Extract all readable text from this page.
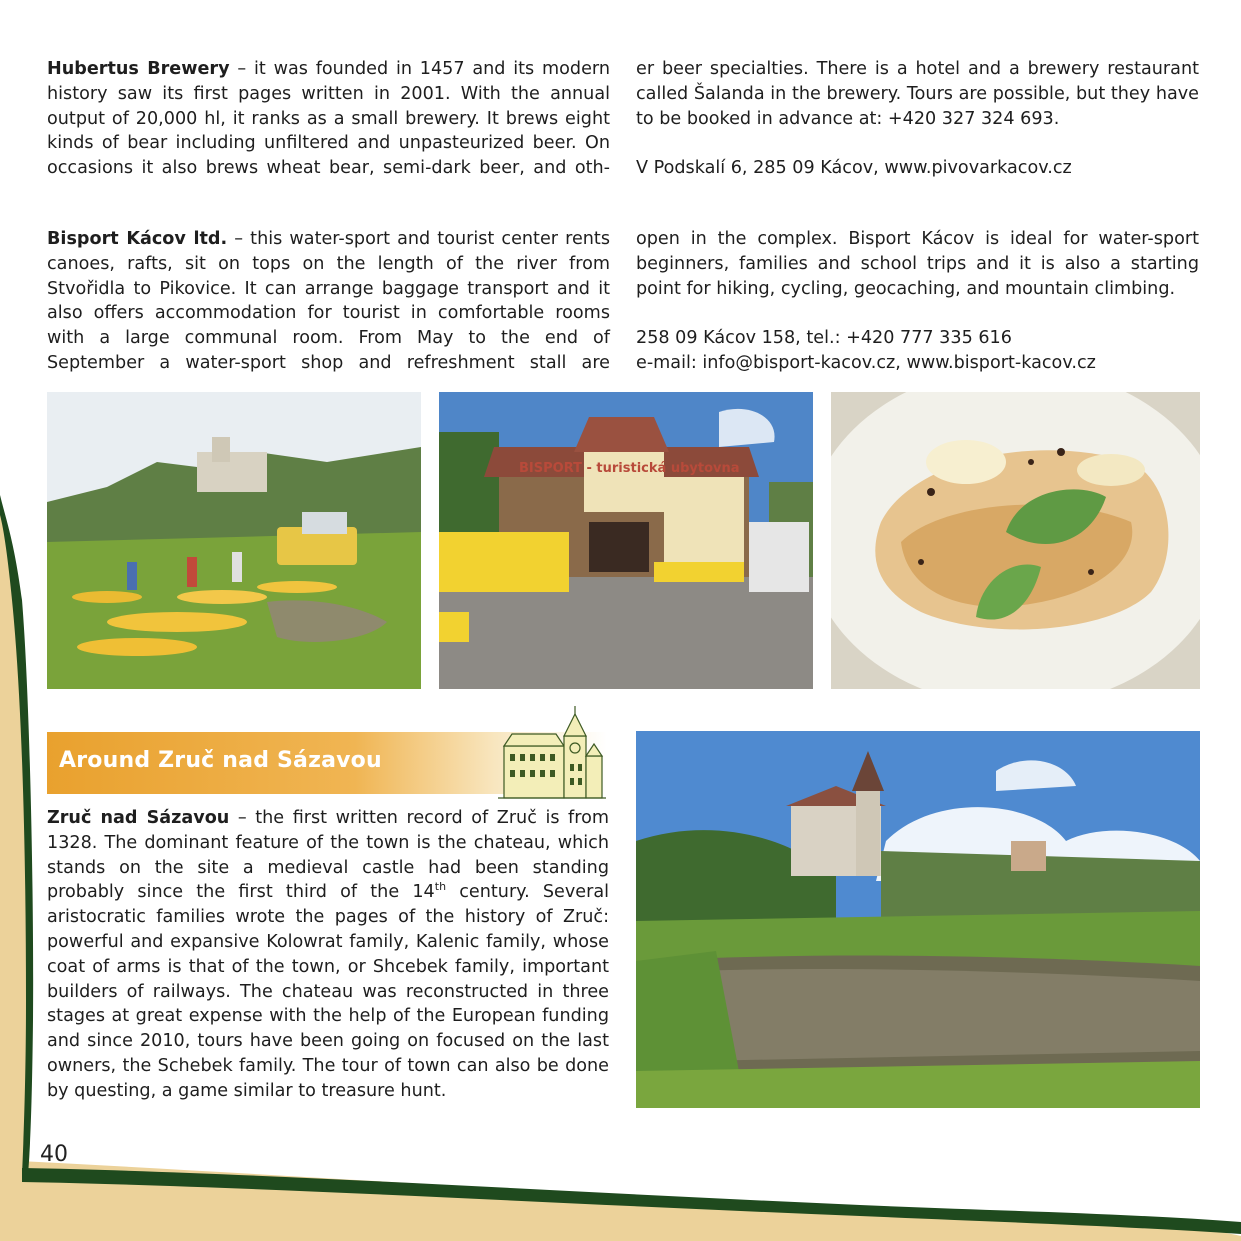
Hubertus Brewery – it was founded in 1457 and its modern history saw its first pages written in 2001. With the annual output of 20,000 hl, it ranks as a small brewery. It brews eight kinds of bear including unfiltered and unpasteurized beer. On occasions it also brews wheat bear, semi-dark beer, and oth-
er beer specialties. There is a hotel and a brewery restaurant called Šalanda in the brewery. Tours are possible, but they have to be booked in advance at: +420 327 324 693.
V Podskalí 6, 285 09 Kácov, www.pivovarkacov.cz
Bisport Kácov ltd. – this water-sport and tourist center rents canoes, rafts, sit on tops on the length of the river from Stvořidla to Pikovice. It can arrange baggage transport and it also offers accommodation for tourist in comfortable rooms with a large communal room. From May to the end of September a water-sport shop and refreshment stall are
open in the complex. Bisport Kácov is ideal for water-sport beginners, families and school trips and it is also a starting point for hiking, cycling, geocaching, and mountain climbing.
258 09 Kácov 158, tel.: +420 777 335 616
e-mail: info@bisport-kacov.cz, www.bisport-kacov.cz
BISPORT - turistická ubytovna
Around Zruč nad Sázavou
Zruč nad Sázavou – the first written record of Zruč is from 1328. The dominant feature of the town is the chateau, which stands on the site a medieval castle had been standing probably since the first third of the 14th century. Several aristocratic families wrote the pages of the history of Zruč: powerful and expansive Kolowrat family, Kalenic family, whose coat of arms is that of the town, or Shcebek family, important builders of railways. The chateau was reconstructed in three stages at great expense with the help of the European funding and since 2010, tours have been going on focused on the last owners, the Schebek family. The tour of town can also be done by questing, a game similar to treasure hunt.
40
